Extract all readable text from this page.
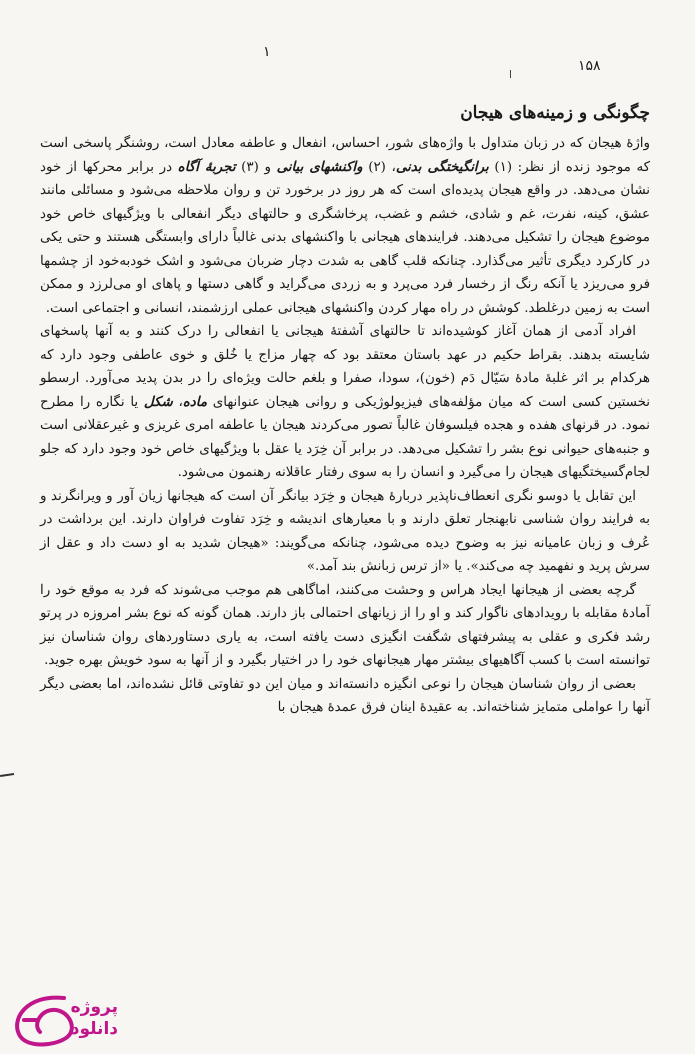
۱
۱۵۸
چگونگی و زمینه‌های هیجان

واژهٔ هیجان که در زبان متداول با واژه‌های شور، احساس، انفعال و عاطفه معادل است، روشنگر پاسخی است که موجود زنده از نظر: (۱) برانگیختگی بدنی، (۲) واکنشهای بیانی و (۳) تجربهٔ آگاه در برابر محرکها از خود نشان می‌دهد. در واقع هیجان پدیده‌ای است که هر روز در برخورد تن و روان ملاحظه می‌شود و مسائلی مانند عشق، کینه، نفرت، غم و شادی، خشم و غضب، پرخاشگری و حالتهای دیگر انفعالی با ویژگیهای خاص خود موضوع هیجان را تشکیل می‌دهند. فرایندهای هیجانی با واکنشهای بدنی غالباً دارای وابستگی هستند و حتی یکی در کارکرد دیگری تأثیر می‌گذارد. چنانکه قلب گاهی به شدت دچار ضربان می‌شود و اشک خودبه‌خود از چشمها فرو می‌ریزد یا آنکه رنگ از رخسار فرد می‌پرد و به زردی می‌گراید و گاهی دستها و پاهای او می‌لرزد و ممکن است به زمین درغلطد. کوشش در راه مهار کردن واکنشهای هیجانی عملی ارزشمند، انسانی و اجتماعی است.

افراد آدمی از همان آغاز کوشیده‌اند تا حالتهای آشفتهٔ هیجانی یا انفعالی را درک کنند و به آنها پاسخهای شایسته بدهند. بقراط حکیم در عهد باستان معتقد بود که چهار مزاج یا خُلق و خوی عاطفی وجود دارد که هرکدام بر اثر غلبهٔ مادهٔ سَیّال دَم (خون)، سودا، صفرا و بلغم حالت ویژه‌ای را در بدن پدید می‌آورد. ارسطو نخستین کسی است که میان مؤلفه‌های فیزیولوژیکی و روانی هیجان عنوانهای ماده، شکل یا نگاره را مطرح نمود. در قرنهای هفده و هجده فیلسوفان غالباً تصور می‌کردند هیجان یا عاطفه امری غریزی و غیرعقلانی است و جنبه‌های حیوانی نوع بشر را تشکیل می‌دهد. در برابر آن خِرَد یا عقل با ویژگیهای خاص خود وجود دارد که جلو لجام‌گسیختگیهای هیجان را می‌گیرد و انسان را به سوی رفتار عاقلانه رهنمون می‌شود.

این تقابل یا دوسو نگری انعطاف‌ناپذیر دربارهٔ هیجان و خِرَد بیانگر آن است که هیجانها زیان آور و ویرانگرند و به فرایند روان شناسی نابهنجار تعلق دارند و با معیارهای اندیشه و خِرَد تفاوت فراوان دارند. این برداشت در عُرف و زبان عامیانه نیز به وضوح دیده می‌شود، چنانکه می‌گویند: «هیجان شدید به او دست داد و عقل از سرش پرید و نفهمید چه می‌کند». یا «از ترس زبانش بند آمد.»

گرچه بعضی از هیجانها ایجاد هراس و وحشت می‌کنند، اماگاهی هم موجب می‌شوند که فرد به موقع خود را آمادهٔ مقابله با رویدادهای ناگوار کند و او را از زیانهای احتمالی باز دارند. همان گونه که نوع بشر امروزه در پرتو رشد فکری و عقلی به پیشرفتهای شگفت انگیزی دست یافته است، به یاری دستاوردهای روان شناسان نیز توانسته است با کسب آگاهیهای بیشتر مهار هیجانهای خود را در اختیار بگیرد و از آنها به سود خویش بهره جوید.

بعضی از روان شناسان هیجان را نوعی انگیزه دانسته‌اند و میان این دو تفاوتی قائل نشده‌اند، اما بعضی دیگر آنها را عواملی متمایز شناخته‌اند. به عقیدهٔ اینان فرق عمدهٔ هیجان با

پروژه
دانلود
